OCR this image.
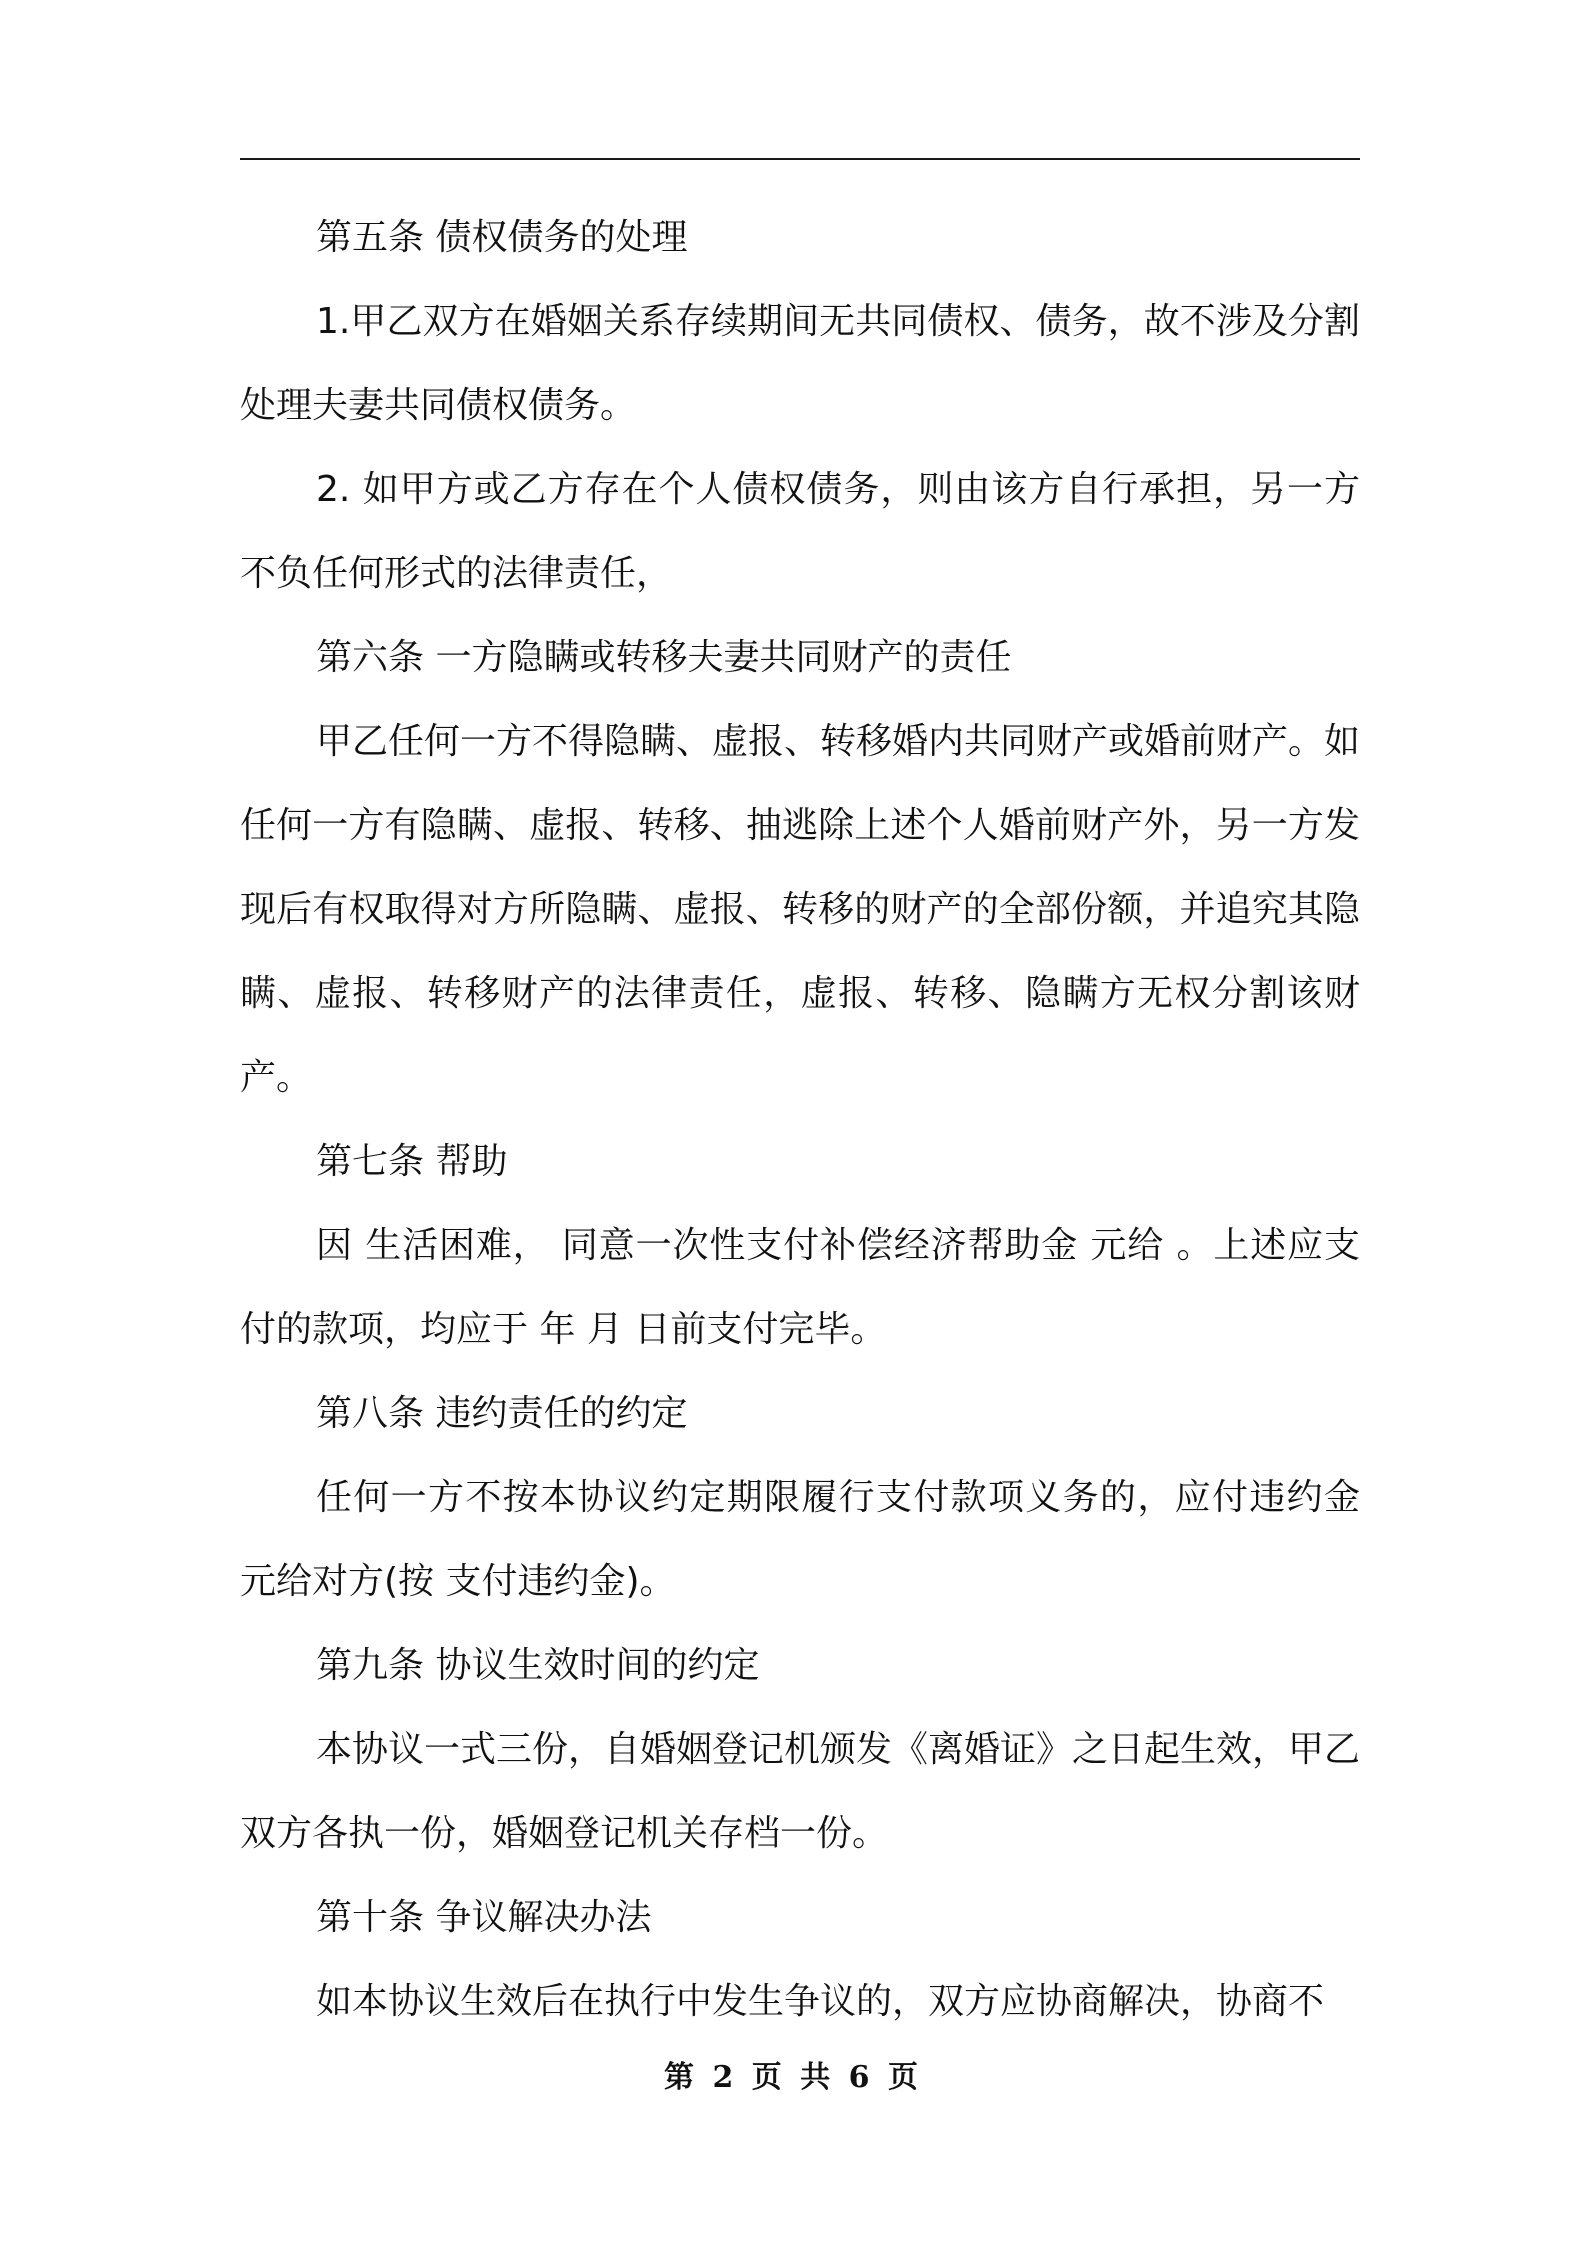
第五条 债权债务的处理

1.甲乙双方在婚姻关系存续期间无共同债权、债务，故不涉及分割处理夫妻共同债权债务。

2. 如甲方或乙方存在个人债权债务，则由该方自行承担，另一方不负任何形式的法律责任，

第六条 一方隐瞒或转移夫妻共同财产的责任

甲乙任何一方不得隐瞒、虚报、转移婚内共同财产或婚前财产。如任何一方有隐瞒、虚报、转移、抽逃除上述个人婚前财产外，另一方发现后有权取得对方所隐瞒、虚报、转移的财产的全部份额，并追究其隐瞒、虚报、转移财产的法律责任，虚报、转移、隐瞒方无权分割该财产。

第七条 帮助

因 生活困难， 同意一次性支付补偿经济帮助金 元给 。上述应支付的款项，均应于 年 月 日前支付完毕。

第八条 违约责任的约定

任何一方不按本协议约定期限履行支付款项义务的，应付违约金 元给对方(按 支付违约金)。

第九条 协议生效时间的约定

本协议一式三份，自婚姻登记机颁发《离婚证》之日起生效，甲乙双方各执一份，婚姻登记机关存档一份。

第十条 争议解决办法

如本协议生效后在执行中发生争议的，双方应协商解决，协商不

第 2 页 共 6 页
